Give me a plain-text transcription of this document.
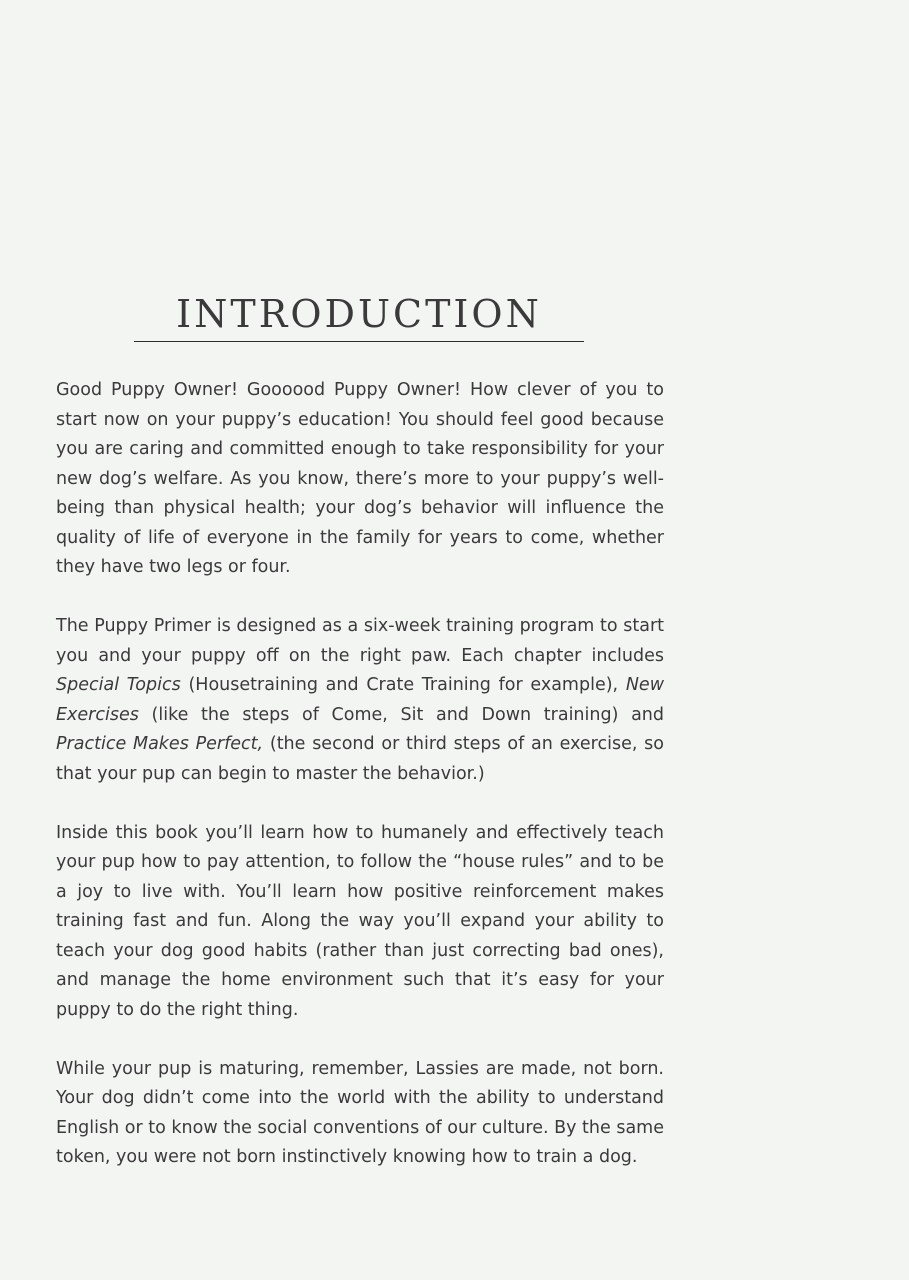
INTRODUCTION

Good Puppy Owner! Goooood Puppy Owner! How clever of you to start now on your puppy’s education! You should feel good because you are caring and committed enough to take responsibility for your new dog’s welfare. As you know, there’s more to your puppy’s well-being than physical health; your dog’s behavior will influence the quality of life of everyone in the family for years to come, whether they have two legs or four.

The Puppy Primer is designed as a six-week training program to start you and your puppy off on the right paw. Each chapter includes Special Topics (Housetraining and Crate Training for example), New Exercises (like the steps of Come, Sit and Down training) and Practice Makes Perfect, (the second or third steps of an exercise, so that your pup can begin to master the behavior.)

Inside this book you’ll learn how to humanely and effectively teach your pup how to pay attention, to follow the “house rules” and to be a joy to live with. You’ll learn how positive reinforcement makes training fast and fun. Along the way you’ll expand your ability to teach your dog good habits (rather than just correcting bad ones), and manage the home environment such that it’s easy for your puppy to do the right thing.

While your pup is maturing, remember, Lassies are made, not born. Your dog didn’t come into the world with the ability to understand English or to know the social conventions of our culture. By the same token, you were not born instinctively knowing how to train a dog.
